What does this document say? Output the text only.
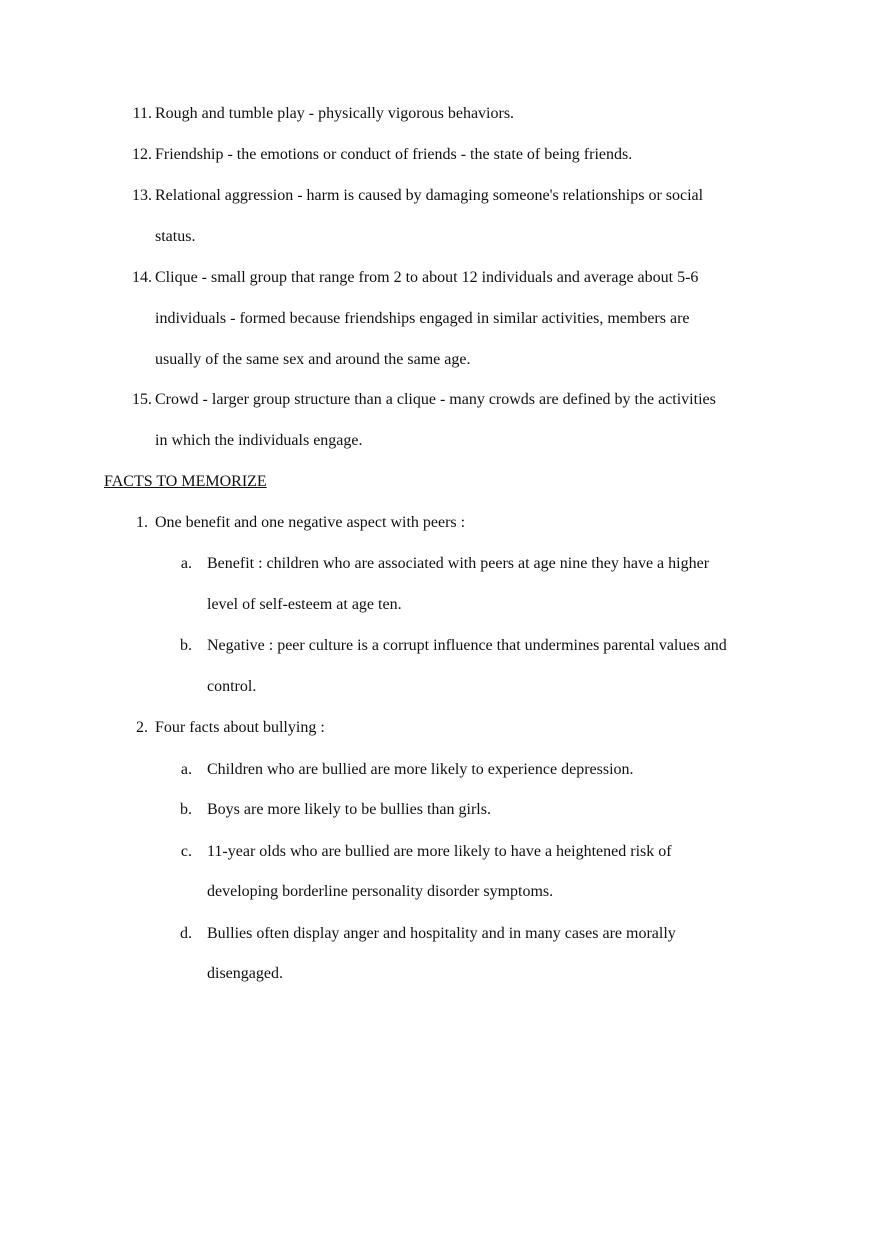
11. Rough and tumble play - physically vigorous behaviors.
12. Friendship - the emotions or conduct of friends - the state of being friends.
13. Relational aggression - harm is caused by damaging someone's relationships or social
status.
14. Clique - small group that range from 2 to about 12 individuals and average about 5-6
individuals - formed because friendships engaged in similar activities, members are
usually of the same sex and around the same age.
15. Crowd - larger group structure than a clique - many crowds are defined by the activities
in which the individuals engage.
FACTS TO MEMORIZE
1. One benefit and one negative aspect with peers :
a. Benefit : children who are associated with peers at age nine they have a higher
level of self-esteem at age ten.
b. Negative : peer culture is a corrupt influence that undermines parental values and
control.
2. Four facts about bullying :
a. Children who are bullied are more likely to experience depression.
b. Boys are more likely to be bullies than girls.
c. 11-year olds who are bullied are more likely to have a heightened risk of
developing borderline personality disorder symptoms.
d. Bullies often display anger and hospitality and in many cases are morally
disengaged.
